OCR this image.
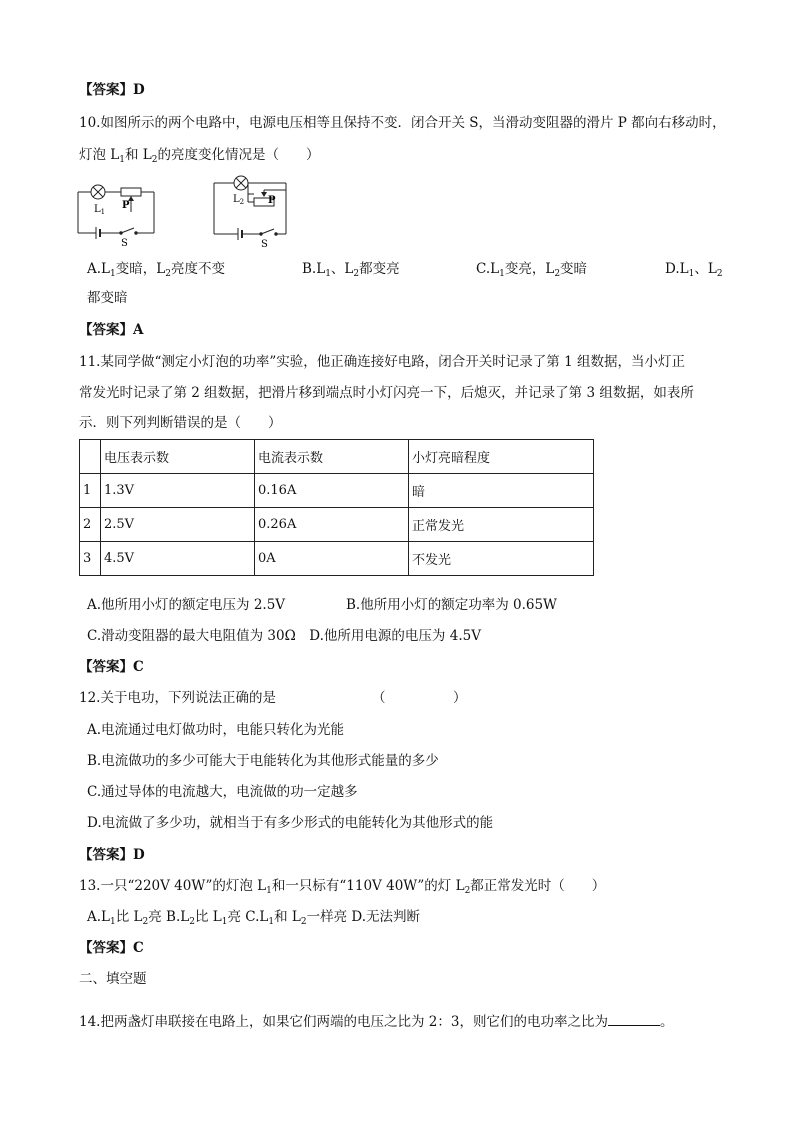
【答案】D
10.如图所示的两个电路中，电源电压相等且保持不变．闭合开关 S，当滑动变阻器的滑片 P 都向右移动时，
灯泡 $L_1$和 $L_2$的亮度变化情况是（　　）
$L_1$
P
S
$L_2$ P
S
$A.L_1$变暗，$L_2$亮度不变	$B.L_1$、$L_2$都变亮	$C.L_1$变亮，$L_2$变暗	$D.L_1$、$L_2$
都变暗
【答案】A
11.某同学做“测定小灯泡的功率”实验，他正确连接好电路，闭合开关时记录了第 1 组数据，当小灯正
常发光时记录了第 2 组数据，把滑片移到端点时小灯闪亮一下，后熄灭，并记录了第 3 组数据，如表所
示．则下列判断错误的是（　　）
	电压表示数	电流表示数	小灯亮暗程度
1	1.3V	0.16A	暗
2	2.5V	0.26A	正常发光
3	4.5V	0A	不发光
A.他所用小灯的额定电压为 2.5V	B.他所用小灯的额定功率为 0.65W
C.滑动变阻器的最大电阻值为 30Ω　D.他所用电源的电压为 4.5V
【答案】C
12.关于电功，下列说法正确的是	（　　　　　）
A.电流通过电灯做功时，电能只转化为光能
B.电流做功的多少可能大于电能转化为其他形式能量的多少
C.通过导体的电流越大，电流做的功一定越多
D.电流做了多少功，就相当于有多少形式的电能转化为其他形式的能
【答案】D
13.一只“220V 40W”的灯泡 $L_1$和一只标有“110V 40W”的灯 $L_2$都正常发光时（　　）
$A.L_1$比 $L_2$亮 $B.L_2$比 $L_1$亮 $C.L_1$和 $L_2$一样亮 D.无法判断
【答案】C
二、填空题
14.把两盏灯串联接在电路上，如果它们两端的电压之比为 2：3，则它们的电功率之比为	。
